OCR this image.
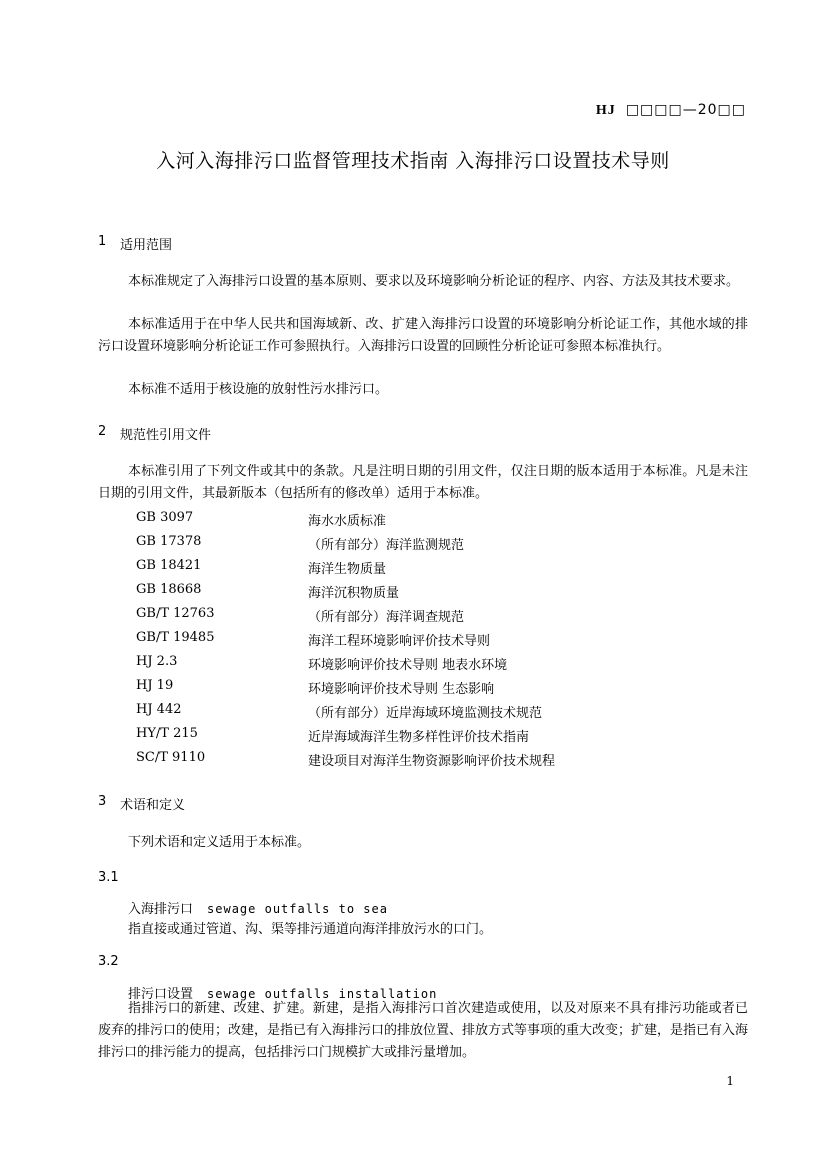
HJ □□□□—20□□
入河入海排污口监督管理技术指南 入海排污口设置技术导则
1 适用范围
本标准规定了入海排污口设置的基本原则、要求以及环境影响分析论证的程序、内容、方法及其技术要求。
本标准适用于在中华人民共和国海域新、改、扩建入海排污口设置的环境影响分析论证工作，其他水域的排污口设置环境影响分析论证工作可参照执行。入海排污口设置的回顾性分析论证可参照本标准执行。
本标准不适用于核设施的放射性污水排污口。
2 规范性引用文件
本标准引用了下列文件或其中的条款。凡是注明日期的引用文件，仅注日期的版本适用于本标准。凡是未注日期的引用文件，其最新版本（包括所有的修改单）适用于本标准。
GB 3097	海水水质标准
GB 17378	（所有部分）海洋监测规范
GB 18421	海洋生物质量
GB 18668	海洋沉积物质量
GB/T 12763	（所有部分）海洋调查规范
GB/T 19485	海洋工程环境影响评价技术导则
HJ 2.3	环境影响评价技术导则 地表水环境
HJ 19	环境影响评价技术导则 生态影响
HJ 442	（所有部分）近岸海域环境监测技术规范
HY/T 215	近岸海域海洋生物多样性评价技术指南
SC/T 9110	建设项目对海洋生物资源影响评价技术规程
3 术语和定义
下列术语和定义适用于本标准。
3.1
入海排污口 sewage outfalls to sea
指直接或通过管道、沟、渠等排污通道向海洋排放污水的口门。
3.2
排污口设置 sewage outfalls installation
指排污口的新建、改建、扩建。新建，是指入海排污口首次建造或使用，以及对原来不具有排污功能或者已废弃的排污口的使用；改建，是指已有入海排污口的排放位置、排放方式等事项的重大改变；扩建，是指已有入海排污口的排污能力的提高，包括排污口门规模扩大或排污量增加。
1
